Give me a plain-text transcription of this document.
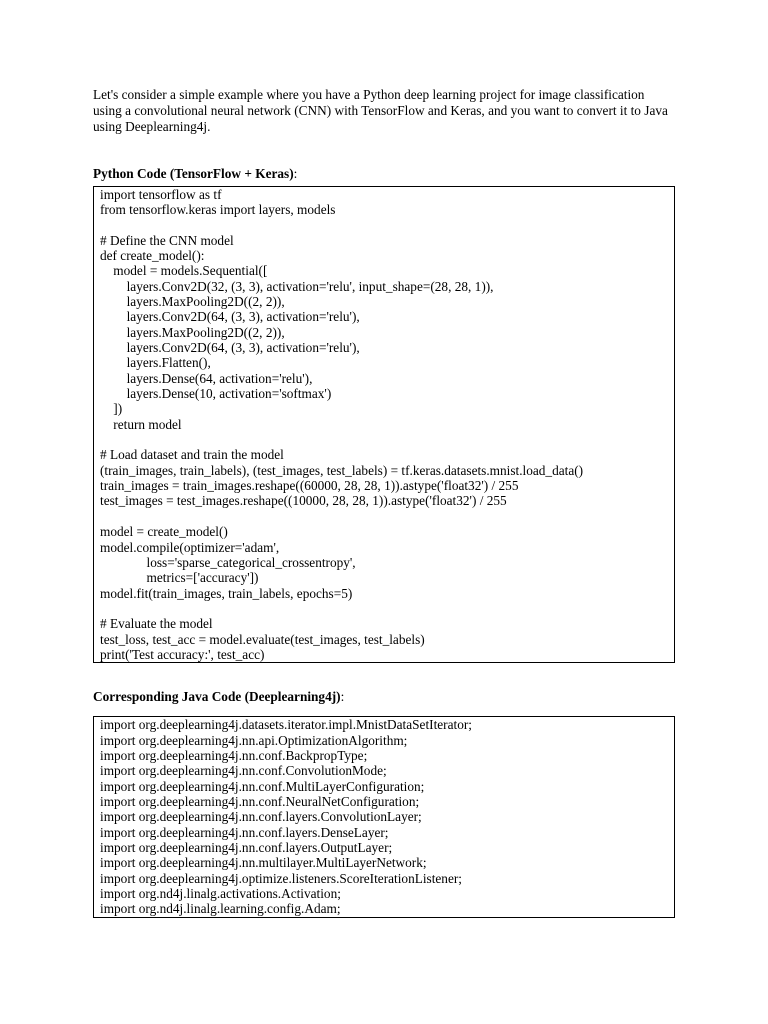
Let's consider a simple example where you have a Python deep learning project for image classification using a convolutional neural network (CNN) with TensorFlow and Keras, and you want to convert it to Java using Deeplearning4j.

Python Code (TensorFlow + Keras):

import tensorflow as tf
from tensorflow.keras import layers, models
# Define the CNN model
def create_model():
model = models.Sequential([
layers.Conv2D(32, (3, 3), activation='relu', input_shape=(28, 28, 1)),
layers.MaxPooling2D((2, 2)),
layers.Conv2D(64, (3, 3), activation='relu'),
layers.MaxPooling2D((2, 2)),
layers.Conv2D(64, (3, 3), activation='relu'),
layers.Flatten(),
layers.Dense(64, activation='relu'),
layers.Dense(10, activation='softmax')
])
return model
# Load dataset and train the model
(train_images, train_labels), (test_images, test_labels) = tf.keras.datasets.mnist.load_data()
train_images = train_images.reshape((60000, 28, 28, 1)).astype('float32') / 255
test_images = test_images.reshape((10000, 28, 28, 1)).astype('float32') / 255
model = create_model()
model.compile(optimizer='adam',
loss='sparse_categorical_crossentropy',
metrics=['accuracy'])
model.fit(train_images, train_labels, epochs=5)
# Evaluate the model
test_loss, test_acc = model.evaluate(test_images, test_labels)
print('Test accuracy:', test_acc)

Corresponding Java Code (Deeplearning4j):

import org.deeplearning4j.datasets.iterator.impl.MnistDataSetIterator;
import org.deeplearning4j.nn.api.OptimizationAlgorithm;
import org.deeplearning4j.nn.conf.BackpropType;
import org.deeplearning4j.nn.conf.ConvolutionMode;
import org.deeplearning4j.nn.conf.MultiLayerConfiguration;
import org.deeplearning4j.nn.conf.NeuralNetConfiguration;
import org.deeplearning4j.nn.conf.layers.ConvolutionLayer;
import org.deeplearning4j.nn.conf.layers.DenseLayer;
import org.deeplearning4j.nn.conf.layers.OutputLayer;
import org.deeplearning4j.nn.multilayer.MultiLayerNetwork;
import org.deeplearning4j.optimize.listeners.ScoreIterationListener;
import org.nd4j.linalg.activations.Activation;
import org.nd4j.linalg.learning.config.Adam;
